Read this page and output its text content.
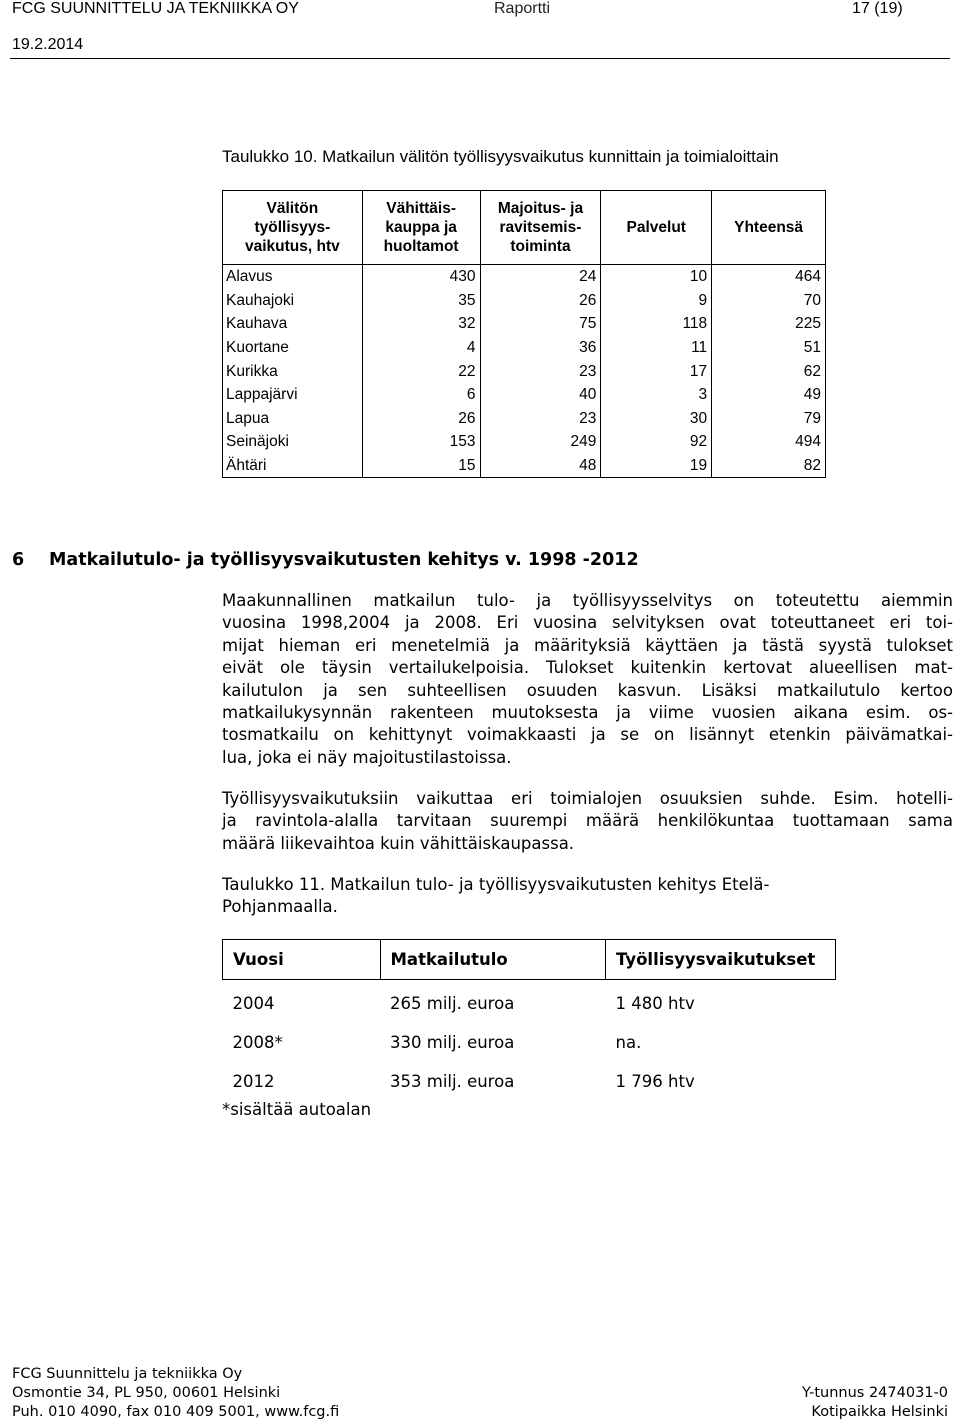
FCG SUUNNITTELU JA TEKNIIKKA OY	Raportti	17 (19)
19.2.2014
Taulukko 10. Matkailun välitön työllisyysvaikutus kunnittain ja toimialoittain
Välitön
työllisyys-
vaikutus, htv	Vähittäis-
kauppa ja
huoltamot	Majoitus- ja
ravitsemis-
toiminta	Palvelut	Yhteensä
Alavus	430	24	10	464
Kauhajoki	35	26	9	70
Kauhava	32	75	118	225
Kuortane	4	36	11	51
Kurikka	22	23	17	62
Lappajärvi	6	40	3	49
Lapua	26	23	30	79
Seinäjoki	153	249	92	494
Ähtäri	15	48	19	82
6 Matkailutulo- ja työllisyysvaikutusten kehitys v. 1998 -2012
Maakunnallinen matkailun tulo- ja työllisyysselvitys on toteutettu aiemmin
vuosina 1998,2004 ja 2008. Eri vuosina selvityksen ovat toteuttaneet eri toi-
mijat hieman eri menetelmiä ja määrityksiä käyttäen ja tästä syystä tulokset
eivät ole täysin vertailukelpoisia. Tulokset kuitenkin kertovat alueellisen mat-
kailutulon ja sen suhteellisen osuuden kasvun. Lisäksi matkailutulo kertoo
matkailukysynnän rakenteen muutoksesta ja viime vuosien aikana esim. os-
tosmatkailu on kehittynyt voimakkaasti ja se on lisännyt etenkin päivämatkai-
lua, joka ei näy majoitustilastoissa.
Työllisyysvaikutuksiin vaikuttaa eri toimialojen osuuksien suhde. Esim. hotelli-
ja ravintola-alalla tarvitaan suurempi määrä henkilökuntaa tuottamaan sama
määrä liikevaihtoa kuin vähittäiskaupassa.
Taulukko 11. Matkailun tulo- ja työllisyysvaikutusten kehitys Etelä-
Pohjanmaalla.
Vuosi	Matkailutulo	Työllisyysvaikutukset
2004	265 milj. euroa	1 480 htv
2008*	330 milj. euroa	na.
2012	353 milj. euroa	1 796 htv
*sisältää autoalan
FCG Suunnittelu ja tekniikka Oy
Osmontie 34, PL 950, 00601 Helsinki
Puh. 010 4090, fax 010 409 5001, www.fcg.fi
Y-tunnus 2474031-0
Kotipaikka Helsinki
